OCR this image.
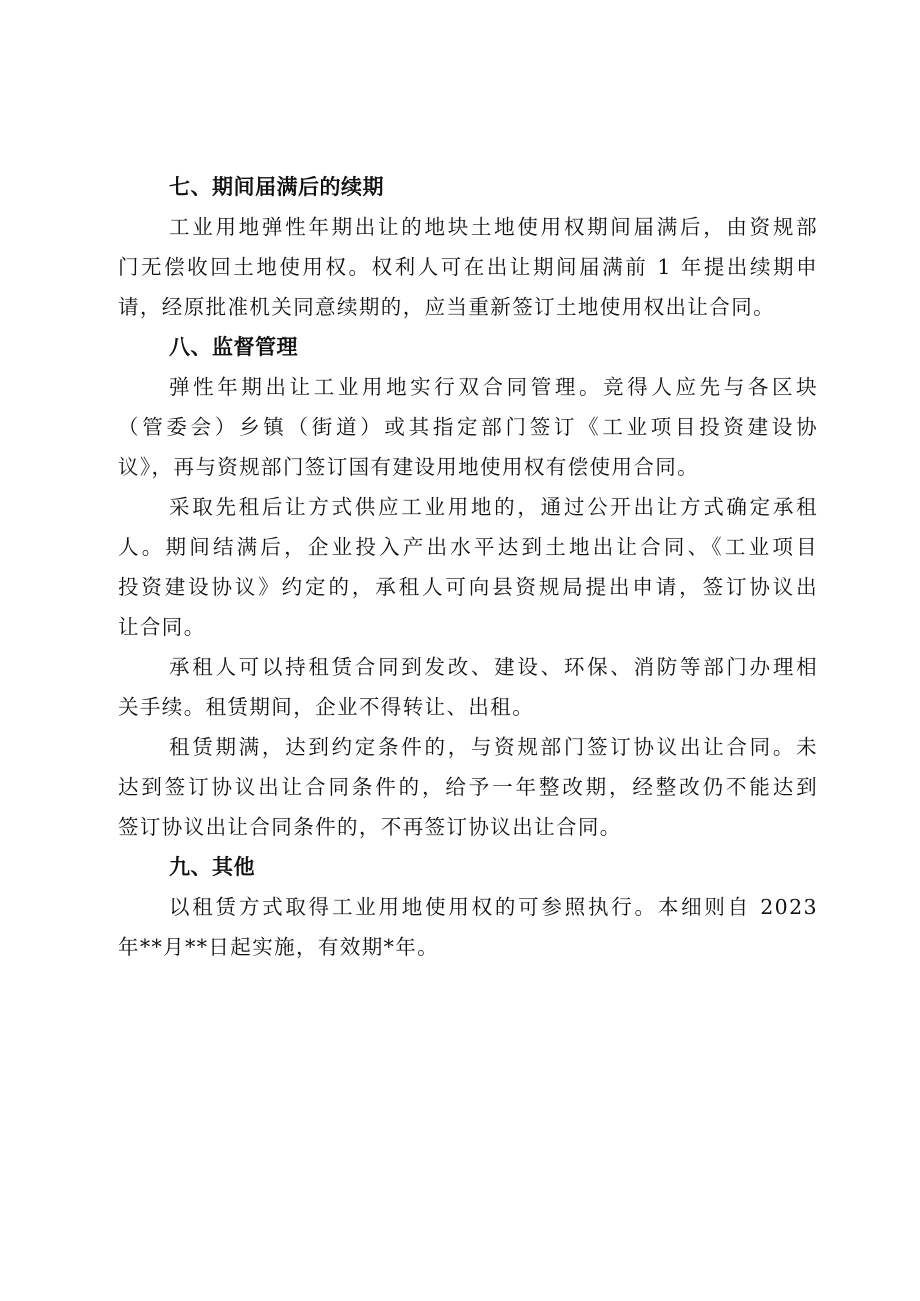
七、期间届满后的续期
工业用地弹性年期出让的地块土地使用权期间届满后，由资规部
门无偿收回土地使用权。权利人可在出让期间届满前 1 年提出续期申
请，经原批准机关同意续期的，应当重新签订土地使用权出让合同。
八、监督管理
弹性年期出让工业用地实行双合同管理。竞得人应先与各区块
（管委会）乡镇（街道）或其指定部门签订《工业项目投资建设协
议》，再与资规部门签订国有建设用地使用权有偿使用合同。
采取先租后让方式供应工业用地的，通过公开出让方式确定承租
人。期间结满后，企业投入产出水平达到土地出让合同、《工业项目
投资建设协议》约定的，承租人可向县资规局提出申请，签订协议出
让合同。
承租人可以持租赁合同到发改、建设、环保、消防等部门办理相
关手续。租赁期间，企业不得转让、出租。
租赁期满，达到约定条件的，与资规部门签订协议出让合同。未
达到签订协议出让合同条件的，给予一年整改期，经整改仍不能达到
签订协议出让合同条件的，不再签订协议出让合同。
九、其他
以租赁方式取得工业用地使用权的可参照执行。本细则自 2023
年**月**日起实施，有效期*年。
